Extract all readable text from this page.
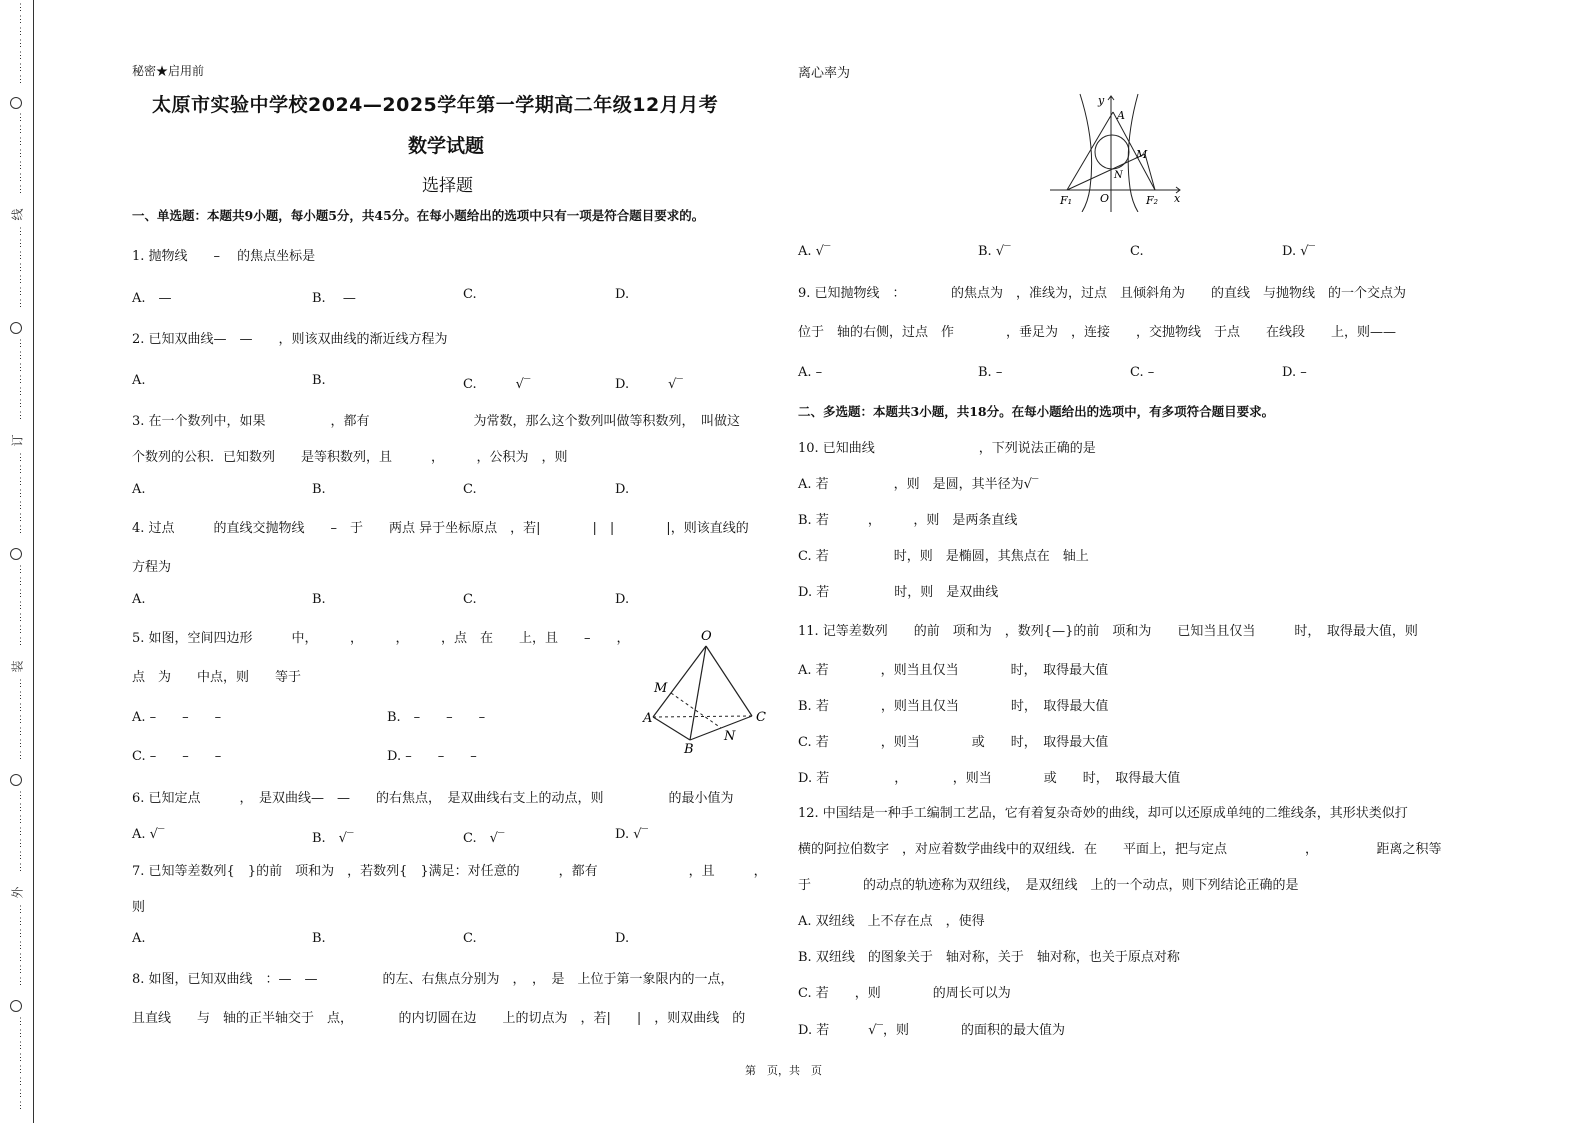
⋮
⋮
⋮
⋮
⋮
⋮
⋮

⋮
⋮
⋮
⋮
⋮
⋮
⋮

线
⋮
⋮
⋮
⋮
⋮
⋮
⋮

⋮
⋮
⋮
⋮
⋮
⋮
⋮

订
⋮
⋮
⋮
⋮
⋮
⋮
⋮

⋮
⋮
⋮
⋮
⋮
⋮
⋮

装
⋮
⋮
⋮
⋮
⋮
⋮
⋮

⋮
⋮
⋮
⋮
⋮
⋮
⋮

外
⋮
⋮
⋮
⋮
⋮
⋮
⋮

⋮
⋮
⋮
⋮
⋮
⋮
⋮
⋮

秘密★启用前
太原市实验中学校2024—2025学年第一学期高二年级12月月考
数学试题
选择题
一、单选题：本题共9小题，每小题5分，共45分。在每小题给出的选项中只有一项是符合题目要求的。
1. 抛物线　　–　 的焦点坐标是
A.　—	B.　 —	C.	D.
2. 已知双曲线—　—　　，则该双曲线的渐近线方程为
A.	B.	C.　　　√‾	D.　　　√‾
3. 在一个数列中，如果　　　　　，都有　　　　　　　　为常数，那么这个数列叫做等积数列，　叫做这
个数列的公积．已知数列　　是等积数列，且　　　，　　　，公积为　，则
A.	B.	C.	D.
4. 过点　　　的直线交抛物线　　–　于　　两点 异于坐标原点　，若|　　　　|　|　　　　|，则该直线的
方程为
A.	B.	C.	D.
5. 如图，空间四边形　　　中，　　　，　　　，　　　，点　在　　上，且　　–　　，
点　为　　中点，则　　等于
A. –　　–　　–	B.　–　　–　　–
C. –　　–　　–	D. –　　–　　–
O
M
A
B
N
C
6. 已知定点　　　，　是双曲线—　—　　的右焦点，　是双曲线右支上的动点，则　　　　　的最小值为
A. √‾	B.　√‾	C.　√‾	D. √‾
7. 已知等差数列{　}的前　项和为　，若数列{　}满足：对任意的　　　，都有　　　　　　　，且　　　，
则
A.	B.	C.	D.
8. 如图，已知双曲线　：—　—　　　　　的左、右焦点分别为　，　，　是　上位于第一象限内的一点，
且直线　　与　轴的正半轴交于　点，　　　　的内切圆在边　　上的切点为　，若|　　|　，则双曲线　的
离心率为
y
A
M
N
F₁	O	F₂ x
A. √‾	B. √‾	C.	D. √‾
9. 已知抛物线　：　　　　的焦点为　，准线为，过点　且倾斜角为　　的直线　与抛物线　的一个交点为
位于　轴的右侧，过点　作　　　　，垂足为　，连接　　，交抛物线　于点　　在线段　　上，则——
A. –	B. –	C. –	D. –
二、多选题：本题共3小题，共18分。在每小题给出的选项中，有多项符合题目要求。
10. 已知曲线　　　　　　　　，下列说法正确的是
A. 若　　　　　，则　是圆，其半径为√‾
B. 若　　　，　　　，则　是两条直线
C. 若　　　　　时，则　是椭圆，其焦点在　轴上
D. 若　　　　　时，则　是双曲线
11. 记等差数列　　的前　项和为　，数列{—}的前　项和为　　已知当且仅当　　　时，　取得最大值，则
A. 若　　　　，则当且仅当　　　　时，　取得最大值
B. 若　　　　，则当且仅当　　　　时，　取得最大值
C. 若　　　　，则当　　　　或　　时，　取得最大值
D. 若　　　　　，　　　　，则当　　　　或　　时，　取得最大值
12. 中国结是一种手工编制工艺品，它有着复杂奇妙的曲线，却可以还原成单纯的二维线条，其形状类似打
横的阿拉伯数字　，对应着数学曲线中的双纽线．在　　平面上，把与定点　　　　　　，　　　　　距离之积等
于　　　　的动点的轨迹称为双纽线，　是双纽线　上的一个动点，则下列结论正确的是
A. 双纽线　上不存在点　，使得
B. 双纽线　的图象关于　轴对称，关于　轴对称，也关于原点对称
C. 若　　，则　　　　的周长可以为
D. 若　　　√‾，则　　　　的面积的最大值为
第　页，共　页
